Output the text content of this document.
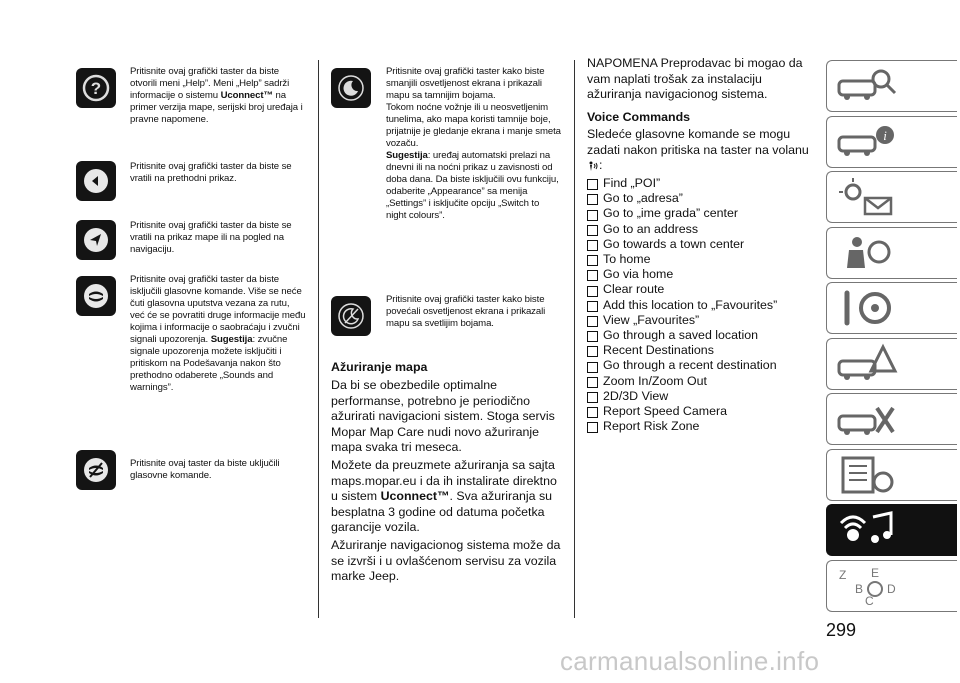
?
Pritisnite ovaj grafički taster da biste otvorili meni „Help”. Meni „Help” sadrži informacije o sistemu Uconnect™ na primer verzija mape, serijski broj uređaja i pravne napomene.
Pritisnite ovaj grafički taster da biste se vratili na prethodni prikaz.
Pritisnite ovaj grafički taster da biste se vratili na prikaz mape ili na pogled na navigaciju.
Pritisnite ovaj grafički taster da biste isključili glasovne komande. Više se neće čuti glasovna uputstva vezana za rutu, već će se povratiti druge informacije među kojima i informacije o saobraćaju i zvučni signali upozorenja. Sugestija: zvučne signale upozorenja možete isključiti i pritiskom na Podešavanja nakon što prethodno odaberete „Sounds and warnings”.
Pritisnite ovaj taster da biste uključili glasovne komande.

Pritisnite ovaj grafički taster kako biste smanjili osvetljenost ekrana i prikazali mapu sa tamnijim bojama.

Tokom noćne vožnje ili u neosvetljenim tunelima, ako mapa koristi tamnije boje, prijatnije je gledanje ekrana i manje smeta vozaču.

Sugestija: uređaj automatski prelazi na dnevni ili na noćni prikaz u zavisnosti od doba dana. Da biste isključili ovu funkciju, odaberite „Appearance” sa menija „Settings” i isključite opciju „Switch to night colours”.

Pritisnite ovaj grafički taster kako biste povećali osvetljenost ekrana i prikazali mapu sa svetlijim bojama.
Ažuriranje mapa

Da bi se obezbedile optimalne performanse, potrebno je periodično ažurirati navigacioni sistem. Stoga servis Mopar Map Care nudi novo ažuriranje mapa svaka tri meseca.

Možete da preuzmete ažuriranja sa sajta maps.mopar.eu i da ih instalirate direktno u sistem Uconnect™. Sva ažuriranja su besplatna 3 godine od datuma početka garancije vozila.

Ažuriranje navigacionog sistema može da se izvrši i u ovlašćenom servisu za vozila marke Jeep.

NAPOMENA Preprodavac bi mogao da vam naplati trošak za instalaciju ažuriranja navigacionog sistema.
Voice Commands
Sledeće glasovne komande se mogu zadati nakon pritiska na taster na volanu
:
Find „POI”
Go to „adresa”
Go to „ime grada” center
Go to an address
Go towards a town center
To home
Go via home
Clear route
Add this location to „Favourites”
View „Favourites”
Go through a saved location
Recent Destinations
Go through a recent destination
Zoom In/Zoom Out
2D/3D View
Report Speed Camera
Report Risk Zone
i
Z
B
E
D
C
299
carmanualsonline.info
